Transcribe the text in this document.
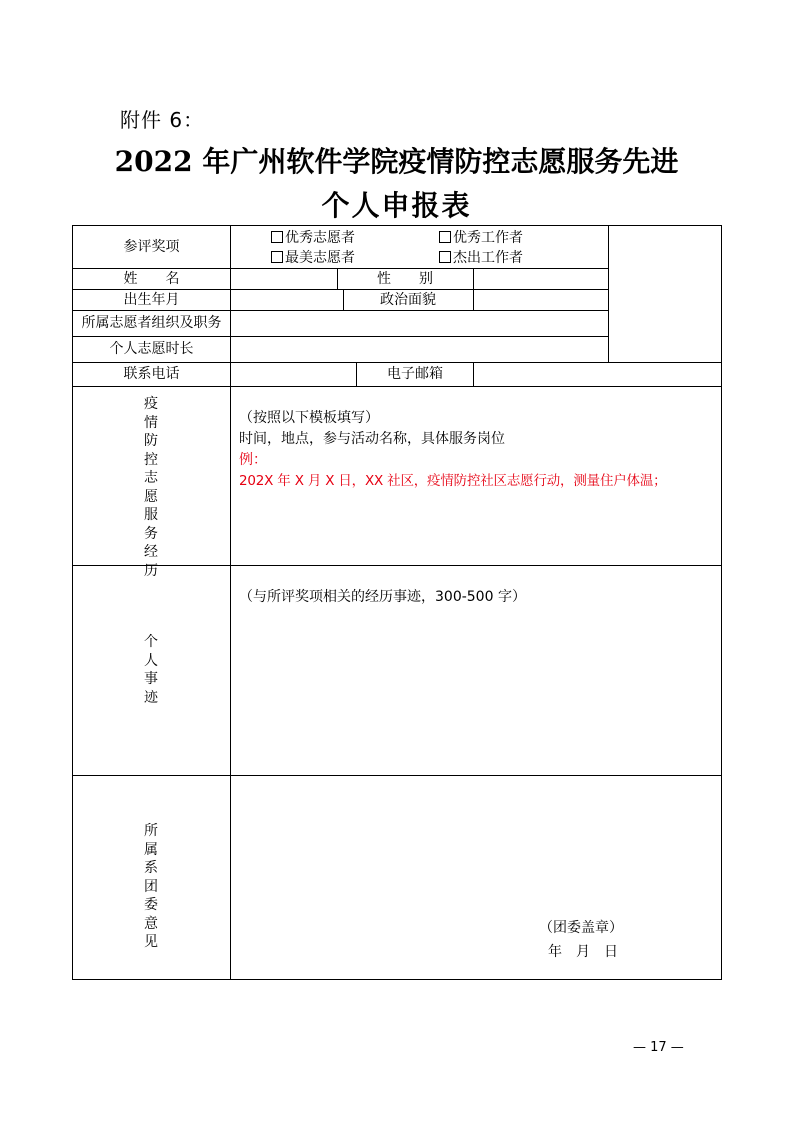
附件 6：
2022 年广州软件学院疫情防控志愿服务先进
个人申报表
参评奖项
优秀志愿者	优秀工作者
最美志愿者	杰出工作者
姓　　名	性　　别
出生年月	政治面貌
所属志愿者组织及职务
个人志愿时长
联系电话	电子邮箱
疫情防控志愿服务经历
（按照以下模板填写）
时间，地点，参与活动名称，具体服务岗位
例：
202X 年 X 月 X 日，XX 社区，疫情防控社区志愿行动，测量住户体温；
个人事迹
（与所评奖项相关的经历事迹，300-500 字）
所属系团委意见
（团委盖章）
年　月　日
— 17 —
